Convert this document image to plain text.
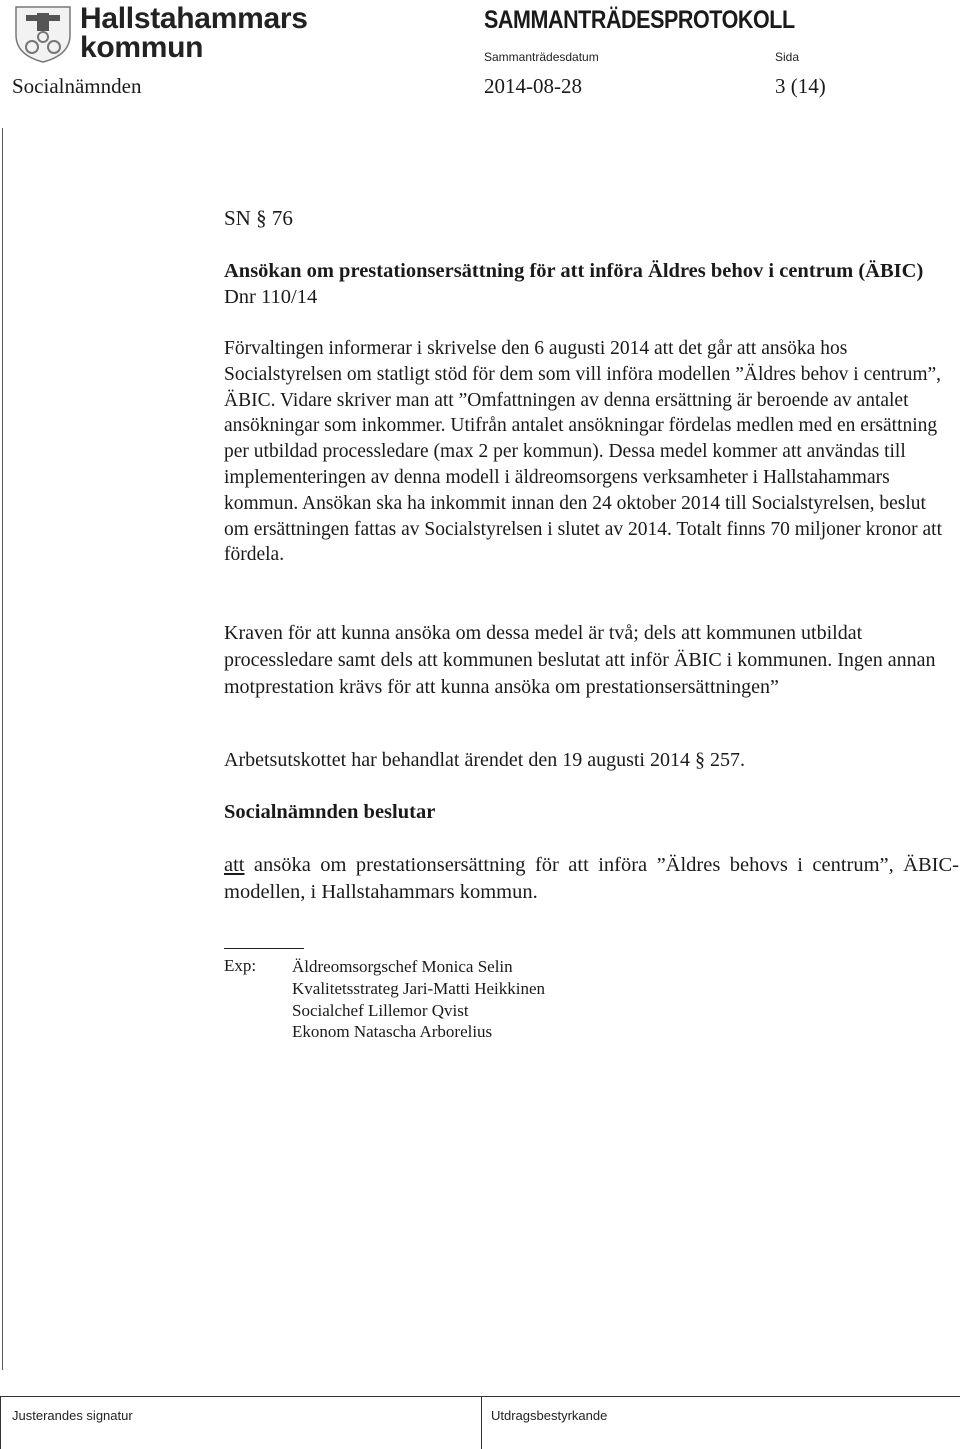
Hallstahammars
kommun
SAMMANTRÄDESPROTOKOLL
Sammanträdesdatum	Sida
Socialnämnden	2014-08-28	3 (14)
SN § 76
Ansökan om prestationsersättning för att införa Äldres behov i centrum (ÄBIC) Dnr 110/14
Förvaltingen informerar i skrivelse den 6 augusti 2014 att det går att ansöka hos Socialstyrelsen om statligt stöd för dem som vill införa modellen ”Äldres behov i centrum”, ÄBIC. Vidare skriver man att ”Omfattningen av denna ersättning är beroende av antalet ansökningar som inkommer. Utifrån antalet ansökningar fördelas medlen med en ersättning per utbildad processledare (max 2 per kommun). Dessa medel kommer att användas till implementeringen av denna modell i äldreomsorgens verksamheter i Hallstahammars kommun. Ansökan ska ha inkommit innan den 24 oktober 2014 till Socialstyrelsen, beslut om ersättningen fattas av Socialstyrelsen i slutet av 2014. Totalt finns 70 miljoner kronor att fördela.
Kraven för att kunna ansöka om dessa medel är två; dels att kommunen utbildat processledare samt dels att kommunen beslutat att inför ÄBIC i kommunen. Ingen annan motprestation krävs för att kunna ansöka om prestationsersättningen”
Arbetsutskottet har behandlat ärendet den 19 augusti 2014 § 257.
Socialnämnden beslutar
att ansöka om prestationsersättning för att införa ”Äldres behovs i centrum”, ÄBIC-modellen, i Hallstahammars kommun.
Exp: Äldreomsorgschef Monica Selin
Kvalitetsstrateg Jari-Matti Heikkinen
Socialchef Lillemor Qvist
Ekonom Natascha Arborelius
Justerandes signatur	Utdragsbestyrkande
